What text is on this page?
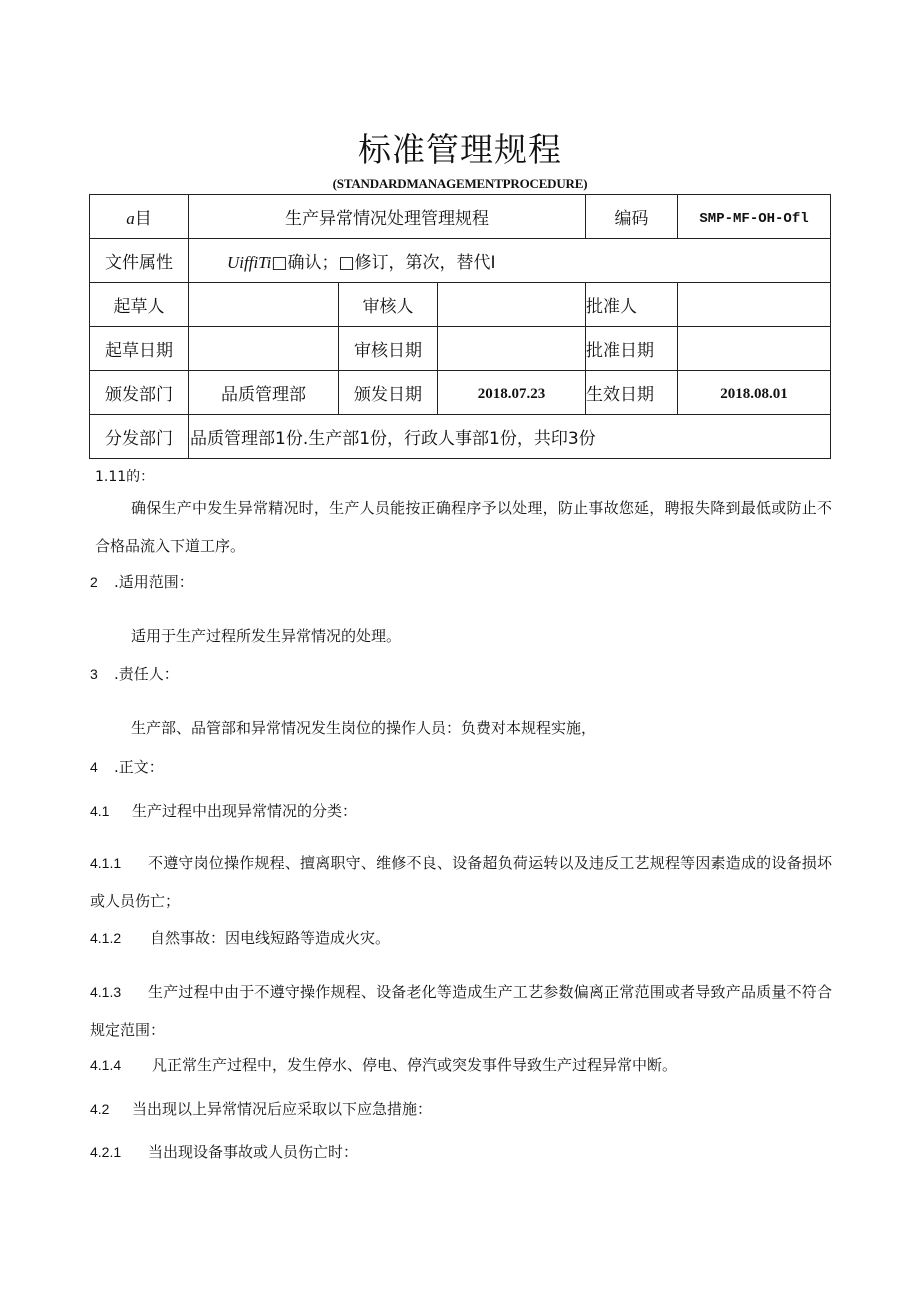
标准管理规程
(STANDARDMANAGEMENTPROCEDURE)
a目	生产异常情况处理管理规程			编码	SMP-MF-OH-Ofl
文件属性	UiffiTi□确认；□修订，第次，替代I				
起草人		审核人		批准人	
起草日期		审核日期		批准日期	
颁发部门	品质管理部	颁发日期	2018.07.23	生效日期	2018.08.01
分发部门	品质管理部1份.生产部1份，行政人事部1份，共印3份				
1.11的：
确保生产中发生异常精况时，生产人员能按正确程序予以处理，防止事故您延，聘报失降到最低或防止不合格品流入下道工序。
2 .适用范围：
适用于生产过程所发生异常情况的处理。
3 .责任人：
生产部、品管部和异常情况发生岗位的操作人员：负费对本规程实施，
4 .正文：
4.1 生产过程中出现异常情况的分类：
4.1.1	不遵守岗位操作规程、擅离职守、维修不良、设备超负荷运转以及违反工艺规程等因素造成的设备损坏或人员伤亡；
4.1.2 自然事故：因电线短路等造成火灾。
4.1.3	生产过程中由于不遵守操作规程、设备老化等造成生产工艺参数偏离正常范围或者导致产品质量不符合规定范围：
4.1.4 凡正常生产过程中，发生停水、停电、停汽或突发事件导致生产过程异常中断。
4.2 当出现以上异常情况后应采取以下应急措施：
4.2.1 当出现设备事故或人员伤亡时：
